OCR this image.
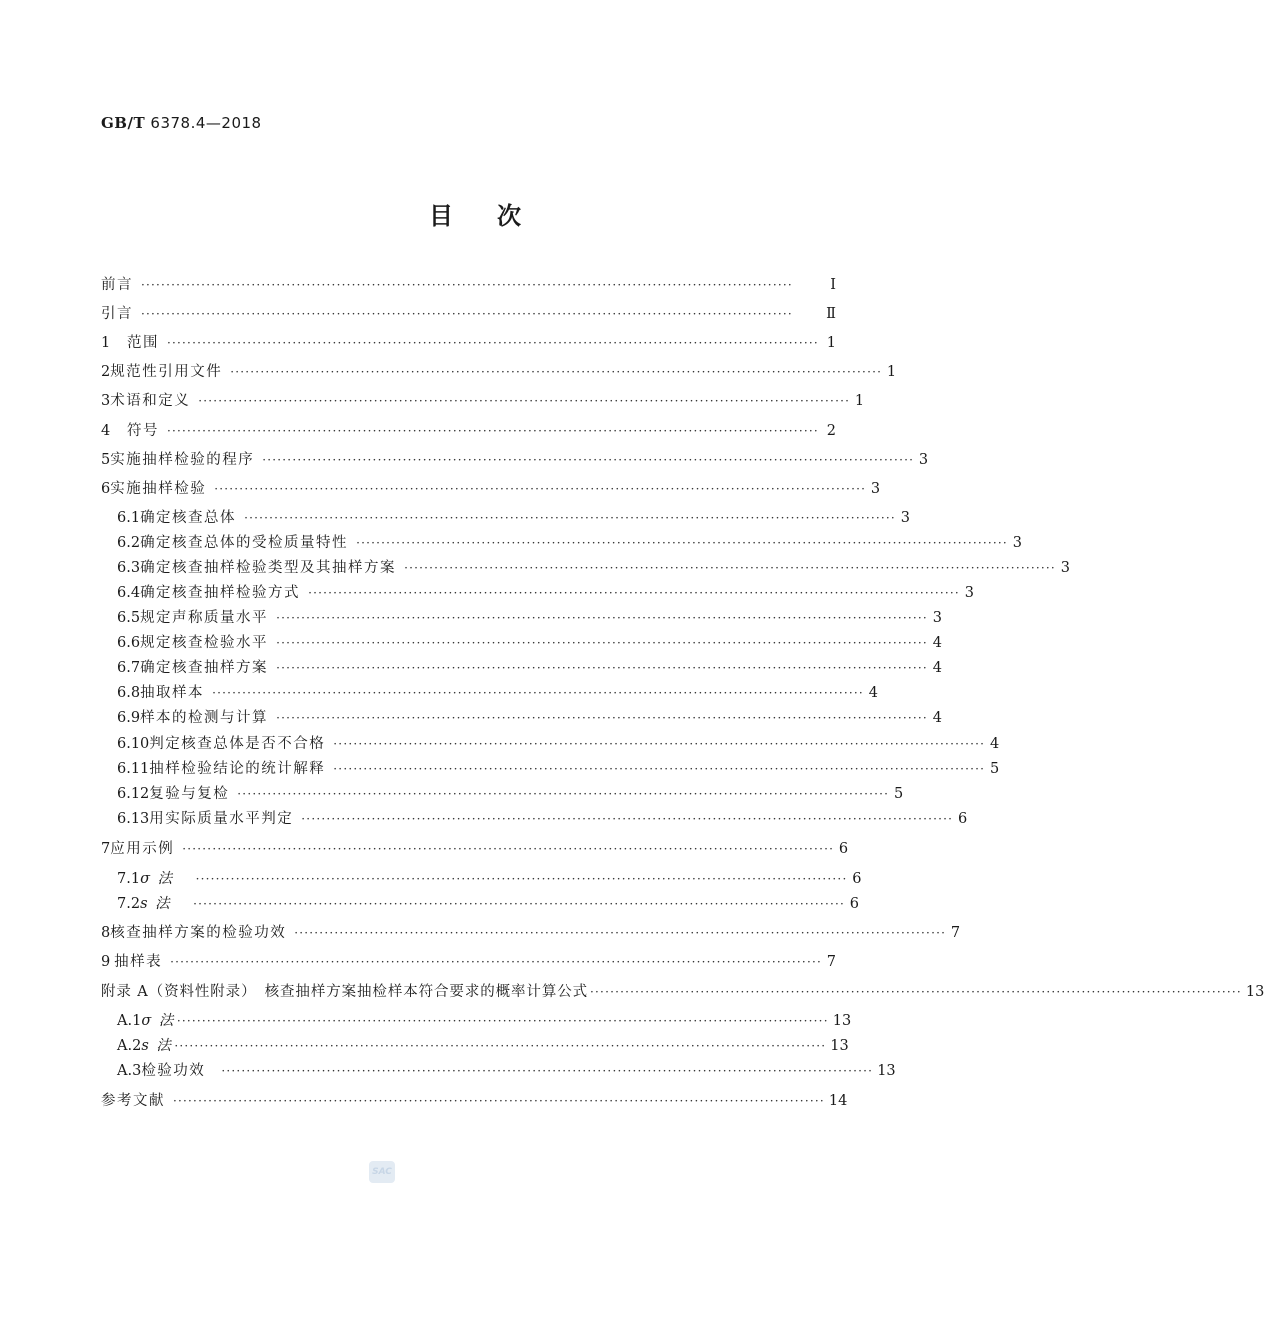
GB/T 6378.4—2018
目次
前言 ··································································································································	Ⅰ
引言 ··································································································································	Ⅱ
1	范围 ·································································································································· 1
2 规范性引用文件 ·································································································································· 1
3 术语和定义 ·································································································································· 1
4	符号 ·································································································································· 2
5 实施抽样检验的程序 ·································································································································· 3
6 实施抽样检验 ·································································································································· 3
6.1 确定核查总体 ·································································································································· 3
6.2 确定核查总体的受检质量特性 ·································································································································· 3
6.3 确定核查抽样检验类型及其抽样方案 ·································································································································· 3
6.4 确定核查抽样检验方式 ·································································································································· 3
6.5 规定声称质量水平 ·································································································································· 3
6.6 规定核查检验水平 ·································································································································· 4
6.7 确定核查抽样方案 ·································································································································· 4
6.8 抽取样本 ·································································································································· 4
6.9 样本的检测与计算 ·································································································································· 4
6.10 判定核查总体是否不合格 ·································································································································· 4
6.11 抽样检验结论的统计解释 ·································································································································· 5
6.12 复验与复检 ·································································································································· 5
6.13 用实际质量水平判定 ·································································································································· 6
7 应用示例 ·································································································································· 6
7.1 σ 法 ·································································································································· 6
7.2 s 法 ·································································································································· 6
8 核查抽样方案的检验功效 ·································································································································· 7
9 抽样表 ·································································································································· 7
附录 A（资料性附录）　核查抽样方案抽检样本符合要求的概率计算公式 ·································································································································· 13
A.1 σ 法 ·································································································································· 13
A.2 s 法 ·································································································································· 13
A.3 检验功效 ·································································································································· 13
参考文献 ·································································································································· 14
SAC
